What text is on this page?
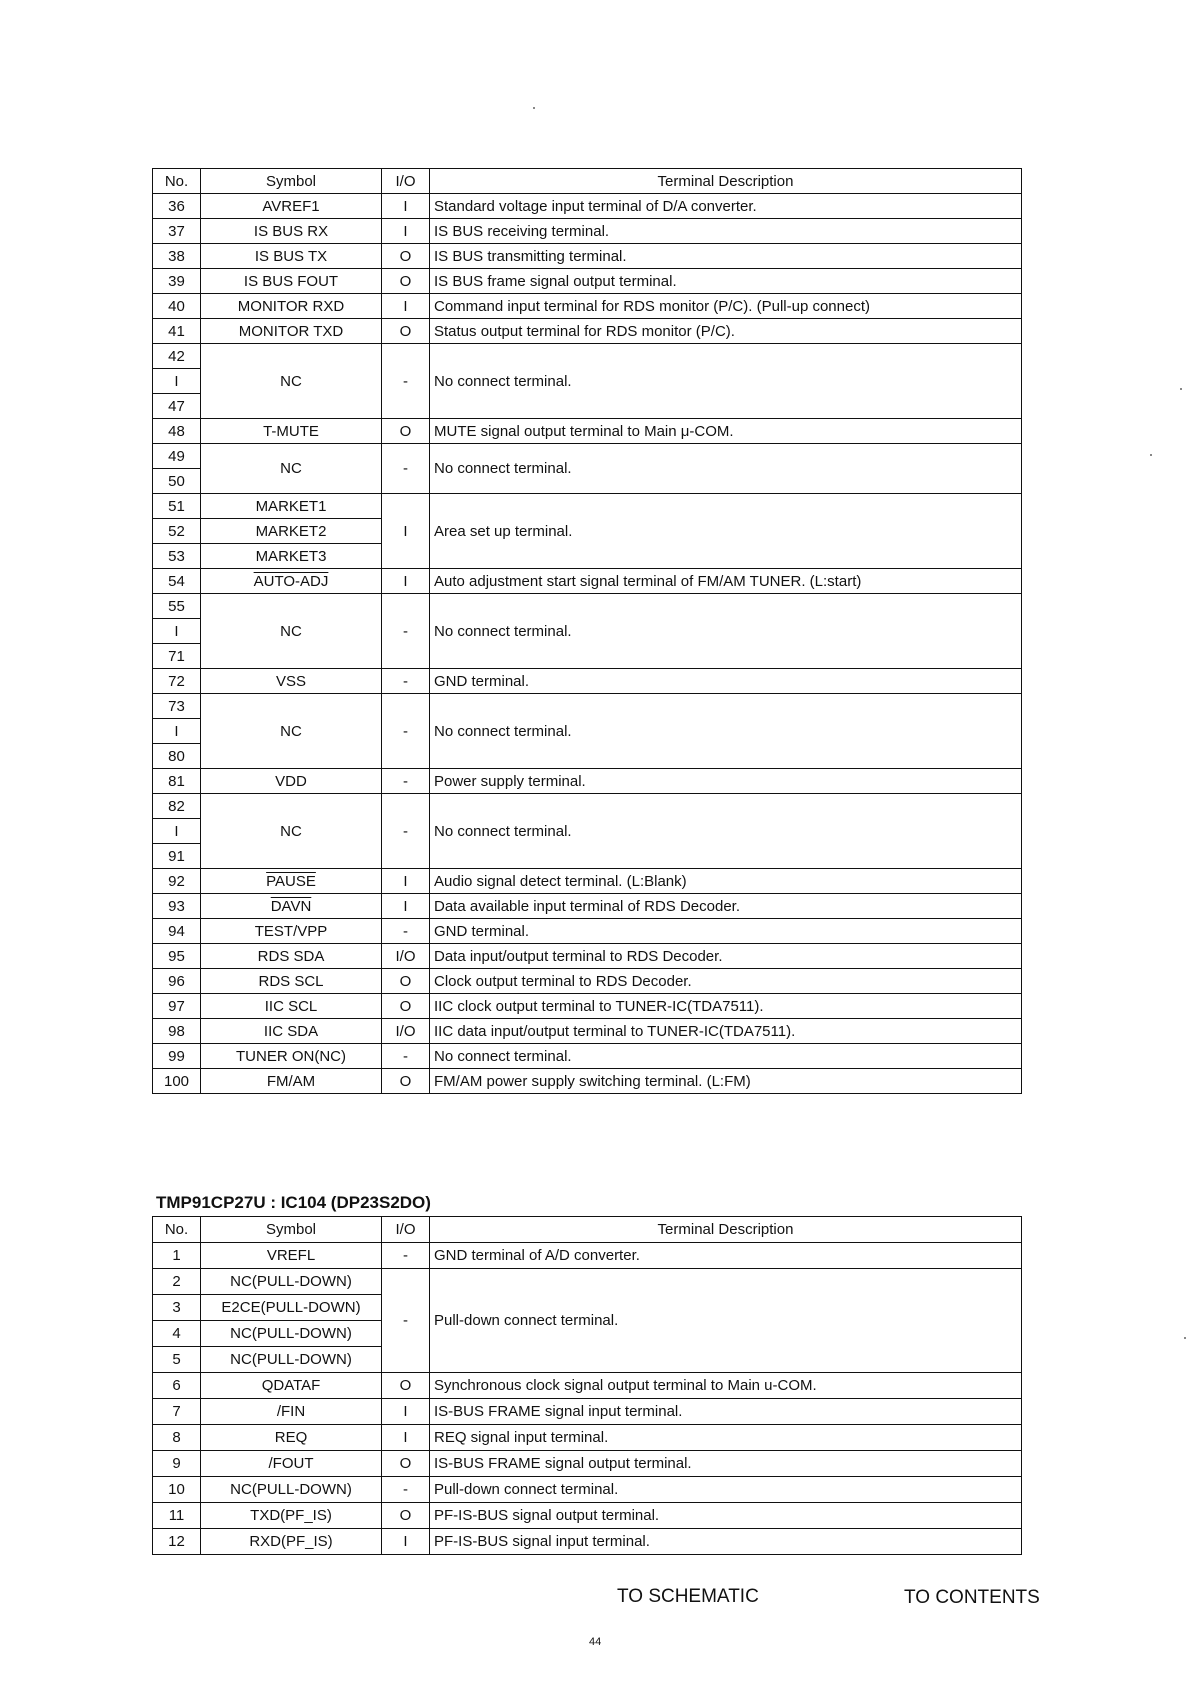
No.	Symbol	I/O	Terminal Description
36	AVREF1	I	Standard voltage input terminal of D/A converter.
37	IS BUS RX	I	IS BUS receiving terminal.
38	IS BUS TX	O	IS BUS transmitting terminal.
39	IS BUS FOUT	O	IS BUS frame signal output terminal.
40	MONITOR RXD	I	Command input terminal for RDS monitor (P/C). (Pull-up connect)
41	MONITOR TXD	O	Status output terminal for RDS monitor (P/C).
42	NC	-	No connect terminal.
I			
47			
48	T-MUTE	O	MUTE signal output terminal to Main μ-COM.
49	NC	-	No connect terminal.
50			
51	MARKET1	I	Area set up terminal.
52	MARKET2		
53	MARKET3		
54	AUTO-ADJ	I	Auto adjustment start signal terminal of FM/AM TUNER. (L:start)
55	NC	-	No connect terminal.
I			
71			
72	VSS	-	GND terminal.
73	NC	-	No connect terminal.
I			
80			
81	VDD	-	Power supply terminal.
82	NC	-	No connect terminal.
I			
91			
92	PAUSE	I	Audio signal detect terminal. (L:Blank)
93	DAVN	I	Data available input terminal of RDS Decoder.
94	TEST/VPP	-	GND terminal.
95	RDS SDA	I/O	Data input/output terminal to RDS Decoder.
96	RDS SCL	O	Clock output terminal to RDS Decoder.
97	IIC SCL	O	IIC clock output terminal to TUNER-IC(TDA7511).
98	IIC SDA	I/O	IIC data input/output terminal to TUNER-IC(TDA7511).
99	TUNER ON(NC)	-	No connect terminal.
100	FM/AM	O	FM/AM power supply switching terminal. (L:FM)
TMP91CP27U : IC104 (DP23S2DO)
No.	Symbol	I/O	Terminal Description
1	VREFL	-	GND terminal of A/D converter.
2	NC(PULL-DOWN)	-	Pull-down connect terminal.
3	E2CE(PULL-DOWN)		
4	NC(PULL-DOWN)		
5	NC(PULL-DOWN)		
6	QDATAF	O	Synchronous clock signal output terminal to Main u-COM.
7	/FIN	I	IS-BUS FRAME signal input terminal.
8	REQ	I	REQ signal input terminal.
9	/FOUT	O	IS-BUS FRAME signal output terminal.
10	NC(PULL-DOWN)	-	Pull-down connect terminal.
11	TXD(PF_IS)	O	PF-IS-BUS signal output terminal.
12	RXD(PF_IS)	I	PF-IS-BUS signal input terminal.
TO SCHEMATIC	TO CONTENTS
44
